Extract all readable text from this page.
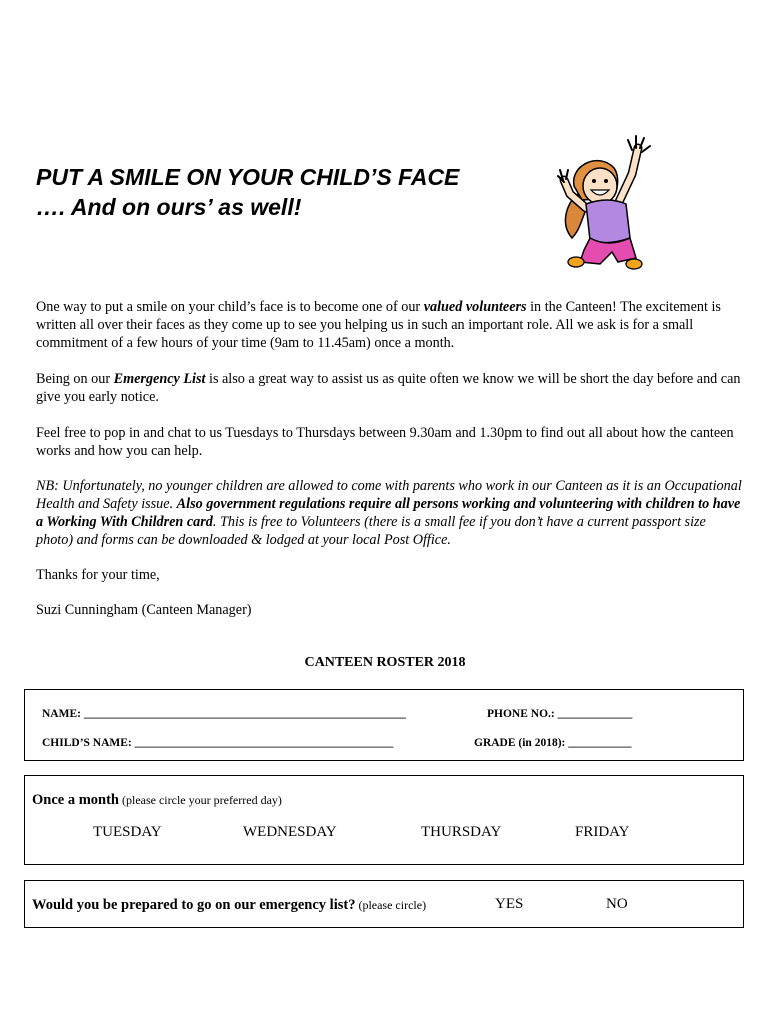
PUT A SMILE ON YOUR CHILD’S FACE
…. And on ours’ as well!

One way to put a smile on your child’s face is to become one of our valued volunteers in the Canteen! The excitement is written all over their faces as they come up to see you helping us in such an important role. All we ask is for a small commitment of a few hours of your time (9am to 11.45am) once a month.

Being on our Emergency List is also a great way to assist us as quite often we know we will be short the day before and can give you early notice.

Feel free to pop in and chat to us Tuesdays to Thursdays between 9.30am and 1.30pm to find out all about how the canteen works and how you can help.

NB: Unfortunately, no younger children are allowed to come with parents who work in our Canteen as it is an Occupational Health and Safety issue. Also government regulations require all persons working and volunteering with children to have a Working With Children card. This is free to Volunteers (there is a small fee if you don’t have a current passport size photo) and forms can be downloaded & lodged at your local Post Office.

Thanks for your time,

Suzi Cunningham (Canteen Manager)

CANTEEN ROSTER 2018

NAME: ________________________________________________________	PHONE NO.: _____________
CHILD’S NAME: _____________________________________________	GRADE (in 2018): ___________
Once a month (please circle your preferred day)
TUESDAY	WEDNESDAY	THURSDAY	FRIDAY
Would you be prepared to go on our emergency list? (please circle)	YES	NO
